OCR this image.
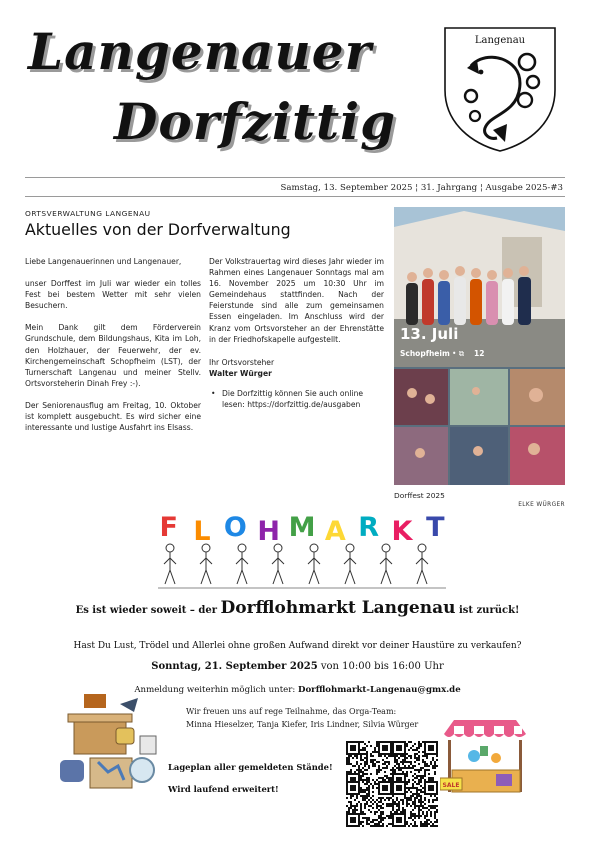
Langenauer
Dorfzittig
Langenau
Samstag, 13. September 2025 ¦ 31. Jahrgang ¦ Ausgabe 2025-#3
ORTSVERWALTUNG LANGENAU
Aktuelles von der Dorfverwaltung

Liebe Langenauerinnen und Langenauer,

unser Dorffest im Juli war wieder ein tolles Fest bei bestem Wetter mit sehr vielen Besuchern.

Mein Dank gilt dem Förderverein Grundschule, dem Bildungshaus, Kita im Loh, den Holzhauer, der Feuerwehr, der ev. Kirchengemeinschaft Schopfheim (LST), der Turnerschaft Langenau und meiner Stellv. Ortsvorsteherin Dinah Frey :-).

Der Seniorenausflug am Freitag, 10. Oktober ist komplett ausgebucht. Es wird sicher eine interessante und lustige Ausfahrt ins Elsass.

Der Volkstrauertag wird dieses Jahr wieder im Rahmen eines Langenauer Sonntags mal am 16. November 2025 um 10:30 Uhr im Gemeindehaus stattfinden. Nach der Feierstunde sind alle zum gemeinsamen Essen eingeladen. Im Anschluss wird der Kranz vom Ortsvorsteher an der Ehrenstätte in der Friedhofskapelle aufgestellt.

Ihr Ortsvorsteher
Walter Würger
• Die Dorfzittig können Sie auch online lesen: https://dorfzittig.de/ausgaben
13. Juli
Schopfheim • ⧉ 12
Dorffest 2025
ELKE WÜRGER
F L O H M A R K T
Es ist wieder soweit – der Dorfflohmarkt Langenau ist zurück!
Hast Du Lust, Trödel und Allerlei ohne großen Aufwand direkt vor deiner Haustüre zu verkaufen?
Sonntag, 21. September 2025 von 10:00 bis 16:00 Uhr
Anmeldung weiterhin möglich unter: Dorfflohmarkt-Langenau@gmx.de
Wir freuen uns auf rege Teilnahme, das Orga-Team:
Minna Hieselzer, Tanja Kiefer, Iris Lindner, Silvia Würger
Lageplan aller gemeldeten Stände!
Wird laufend erweitert!	SALE
